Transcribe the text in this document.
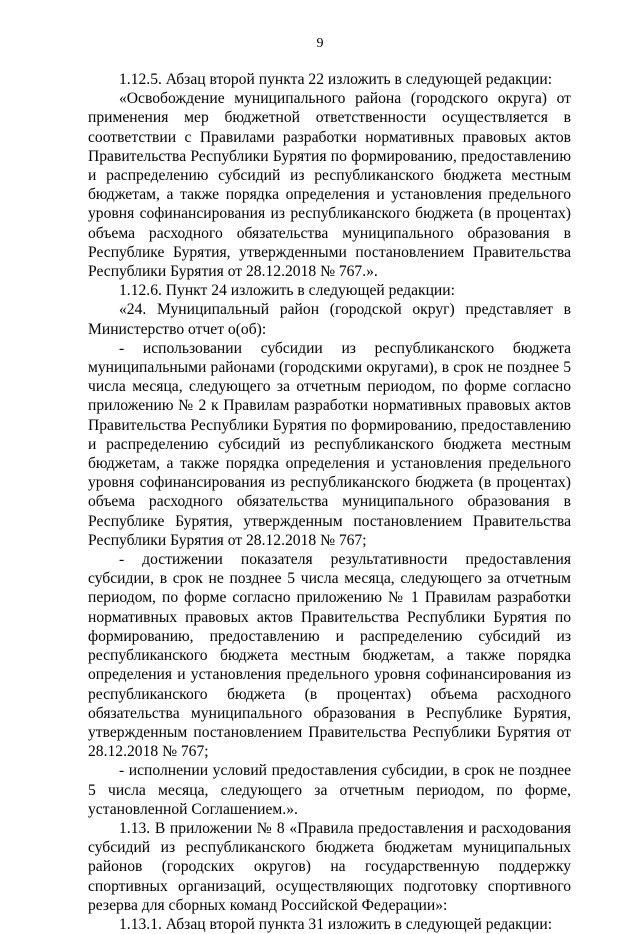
9

1.12.5. Абзац второй пункта 22 изложить в следующей редакции:

«Освобождение муниципального района (городского округа) от применения мер бюджетной ответственности осуществляется в соответствии с Правилами разработки нормативных правовых актов Правительства Республики Бурятия по формированию, предоставлению и распределению субсидий из республиканского бюджета местным бюджетам, а также порядка определения и установления предельного уровня софинансирования из республиканского бюджета (в процентах) объема расходного обязательства муниципального образования в Республике Бурятия, утвержденными постановлением Правительства Республики Бурятия от 28.12.2018 № 767.».

1.12.6. Пункт 24 изложить в следующей редакции:

«24. Муниципальный район (городской округ) представляет в Министерство отчет о(об):

- использовании субсидии из республиканского бюджета муниципальными районами (городскими округами), в срок не позднее 5 числа месяца, следующего за отчетным периодом, по форме согласно приложению № 2 к Правилам разработки нормативных правовых актов Правительства Республики Бурятия по формированию, предоставлению и распределению субсидий из республиканского бюджета местным бюджетам, а также порядка определения и установления предельного уровня софинансирования из республиканского бюджета (в процентах) объема расходного обязательства муниципального образования в Республике Бурятия, утвержденным постановлением Правительства Республики Бурятия от 28.12.2018 № 767;

- достижении показателя результативности предоставления субсидии, в срок не позднее 5 числа месяца, следующего за отчетным периодом, по форме согласно приложению № 1 Правилам разработки нормативных правовых актов Правительства Республики Бурятия по формированию, предоставлению и распределению субсидий из республиканского бюджета местным бюджетам, а также порядка определения и установления предельного уровня софинансирования из республиканского бюджета (в процентах) объема расходного обязательства муниципального образования в Республике Бурятия, утвержденным постановлением Правительства Республики Бурятия от 28.12.2018 № 767;

- исполнении условий предоставления субсидии, в срок не позднее 5 числа месяца, следующего за отчетным периодом, по форме, установленной Соглашением.».

1.13. В приложении № 8 «Правила предоставления и расходования субсидий из республиканского бюджета бюджетам муниципальных районов (городских округов) на государственную поддержку спортивных организаций, осуществляющих подготовку спортивного резерва для сборных команд Российской Федерации»:

1.13.1. Абзац второй пункта 31 изложить в следующей редакции:
